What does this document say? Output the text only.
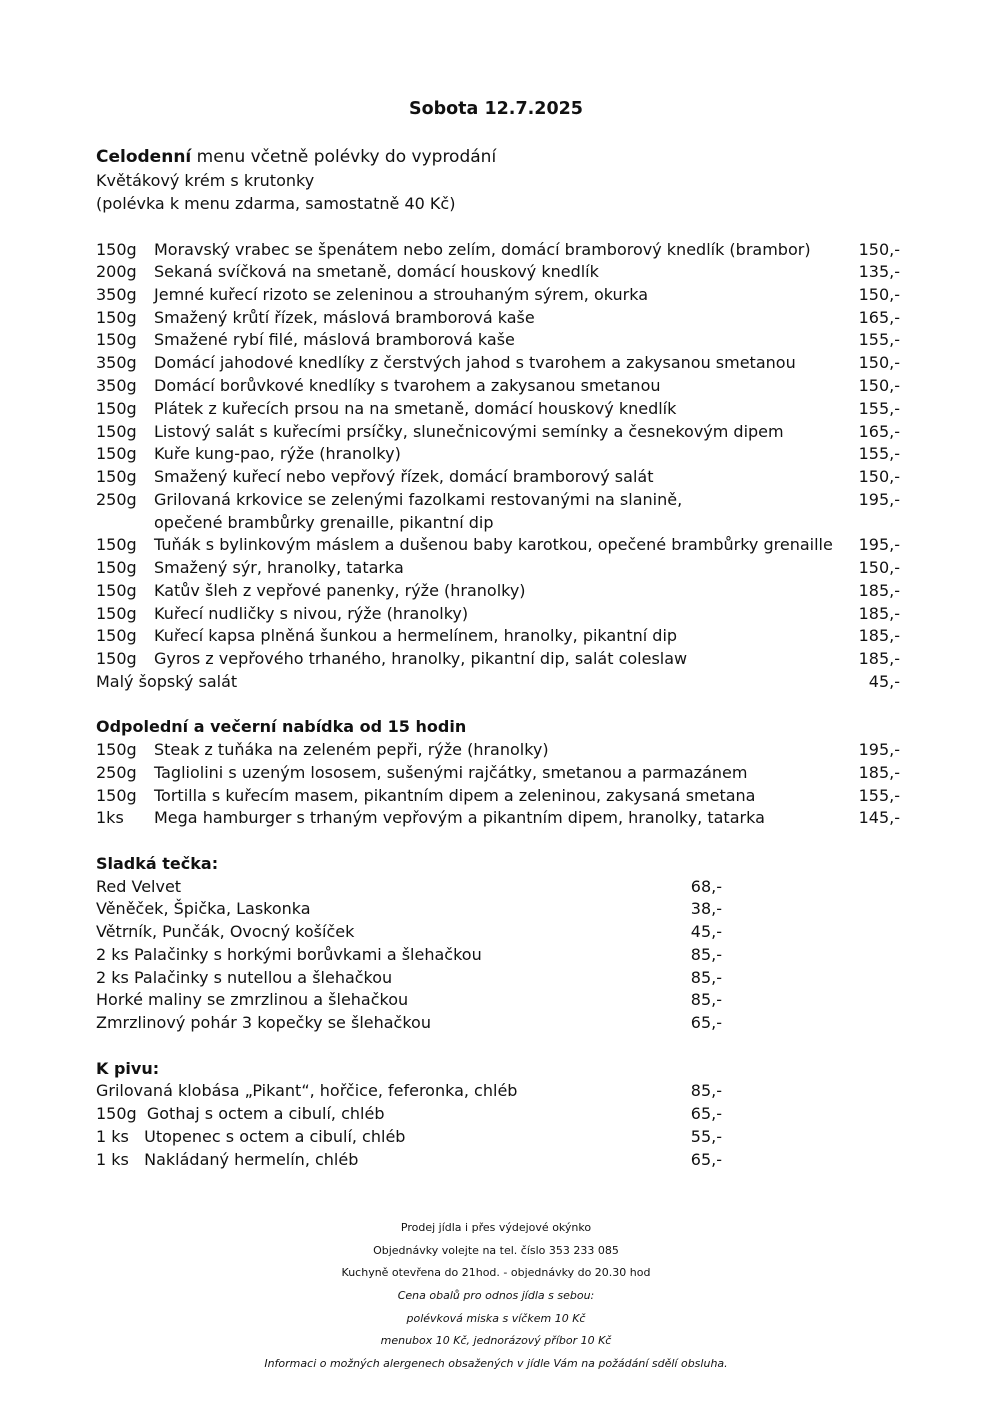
Sobota 12.7.2025
Celodenní menu včetně polévky do vyprodání
Květákový krém s krutonky
(polévka k menu zdarma, samostatně 40 Kč)
150g Moravský vrabec se špenátem nebo zelím, domácí bramborový knedlík (brambor)	150,-
200g Sekaná svíčková na smetaně, domácí houskový knedlík	135,-
350g Jemné kuřecí rizoto se zeleninou a strouhaným sýrem, okurka	150,-
150g Smažený krůtí řízek, máslová bramborová kaše	165,-
150g Smažené rybí filé, máslová bramborová kaše	155,-
350g Domácí jahodové knedlíky z čerstvých jahod s tvarohem a zakysanou smetanou	150,-
350g Domácí borůvkové knedlíky s tvarohem a zakysanou smetanou	150,-
150g Plátek z kuřecích prsou na na smetaně, domácí houskový knedlík	155,-
150g Listový salát s kuřecími prsíčky, slunečnicovými semínky a česnekovým dipem	165,-
150g Kuře kung-pao, rýže (hranolky)	155,-
150g Smažený kuřecí nebo vepřový řízek, domácí bramborový salát	150,-
250g Grilovaná krkovice se zelenými fazolkami restovanými na slanině,	195,-
opečené brambůrky grenaille, pikantní dip
150g Tuňák s bylinkovým máslem a dušenou baby karotkou, opečené brambůrky grenaille 195,-
150g Smažený sýr, hranolky, tatarka	150,-
150g Katův šleh z vepřové panenky, rýže (hranolky)	185,-
150g Kuřecí nudličky s nivou, rýže (hranolky)	185,-
150g Kuřecí kapsa plněná šunkou a hermelínem, hranolky, pikantní dip	185,-
150g Gyros z vepřového trhaného, hranolky, pikantní dip, salát coleslaw	185,-
Malý šopský salát	45,-
Odpolední a večerní nabídka od 15 hodin
150g Steak z tuňáka na zeleném pepři, rýže (hranolky)	195,-
250g Tagliolini s uzeným lososem, sušenými rajčátky, smetanou a parmazánem	185,-
150g Tortilla s kuřecím masem, pikantním dipem a zeleninou, zakysaná smetana	155,-
1ks Mega hamburger s trhaným vepřovým a pikantním dipem, hranolky, tatarka	145,-
Sladká tečka:
Red Velvet	68,-
Věněček, Špička, Laskonka	38,-
Větrník, Punčák, Ovocný košíček	45,-
2 ks Palačinky s horkými borůvkami a šlehačkou	85,-
2 ks Palačinky s nutellou a šlehačkou	85,-
Horké maliny se zmrzlinou a šlehačkou	85,-
Zmrzlinový pohár 3 kopečky se šlehačkou	65,-
K pivu:
Grilovaná klobása „Pikant“, hořčice, feferonka, chléb	85,-
150g  Gothaj s octem a cibulí, chléb	65,-
1 ks   Utopenec s octem a cibulí, chléb	55,-
1 ks   Nakládaný hermelín, chléb	65,-
Prodej jídla i přes výdejové okýnko
Objednávky volejte na tel. číslo 353 233 085
Kuchyně otevřena do 21hod. - objednávky do 20.30 hod
Cena obalů pro odnos jídla s sebou:
polévková miska s víčkem 10 Kč
menubox 10 Kč, jednorázový příbor 10 Kč
Informaci o možných alergenech obsažených v jídle Vám na požádání sdělí obsluha.
